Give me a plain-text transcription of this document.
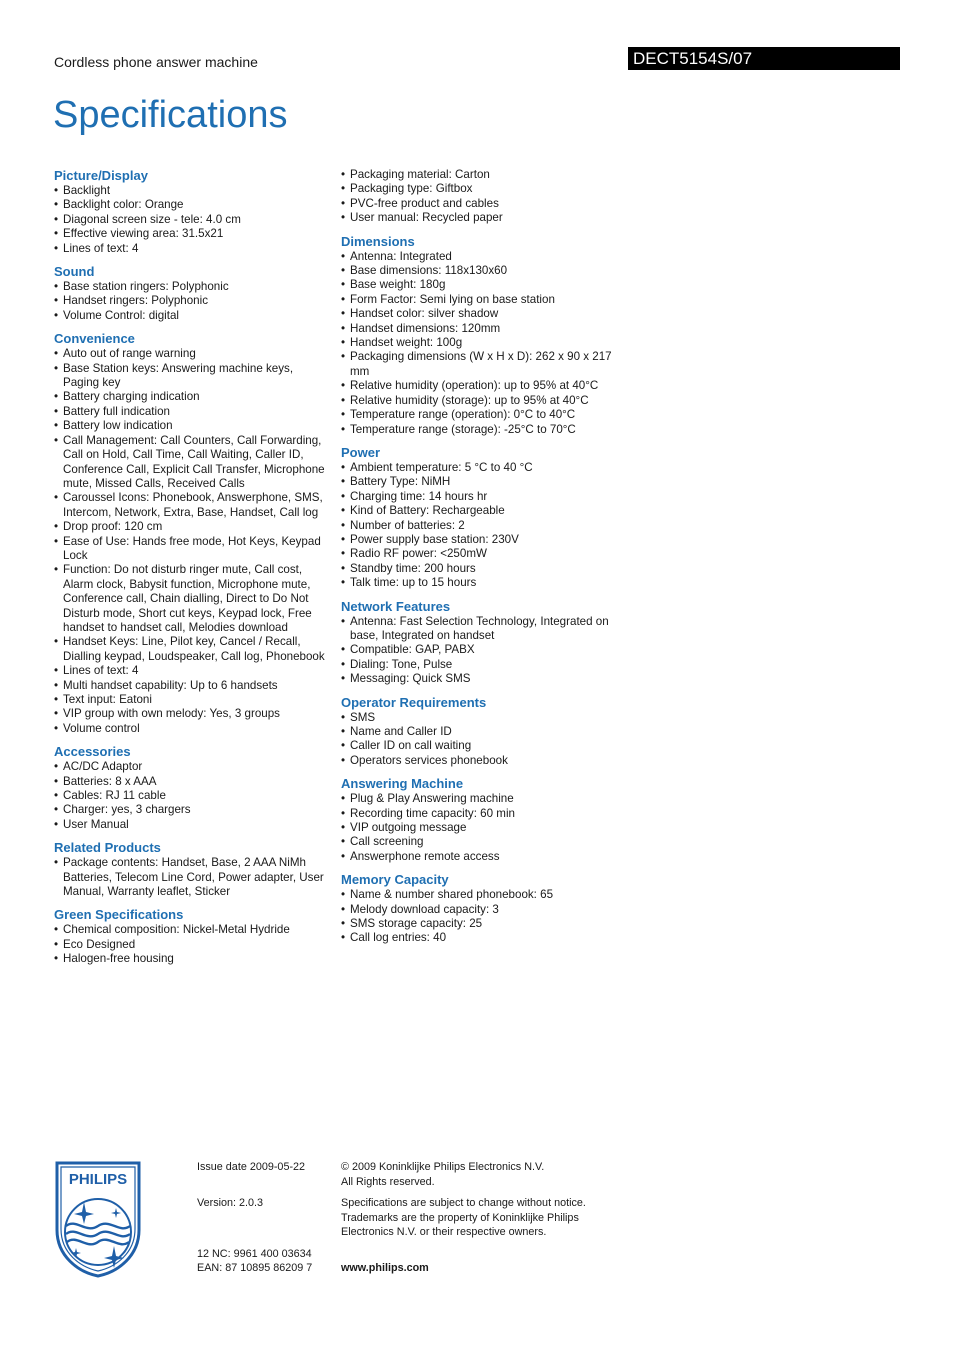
Cordless phone answer machine	DECT5154S/07
Specifications
Picture/Display
• Backlight
• Backlight color: Orange
• Diagonal screen size - tele: 4.0 cm
• Effective viewing area: 31.5x21
• Lines of text: 4
Sound
• Base station ringers: Polyphonic
• Handset ringers: Polyphonic
• Volume Control: digital
Convenience
• Auto out of range warning
• Base Station keys: Answering machine keys, Paging key
• Battery charging indication
• Battery full indication
• Battery low indication
• Call Management: Call Counters, Call Forwarding, Call on Hold, Call Time, Call Waiting, Caller ID, Conference Call, Explicit Call Transfer, Microphone mute, Missed Calls, Received Calls
• Caroussel Icons: Phonebook, Answerphone, SMS, Intercom, Network, Extra, Base, Handset, Call log
• Drop proof: 120 cm
• Ease of Use: Hands free mode, Hot Keys, Keypad Lock
• Function: Do not disturb ringer mute, Call cost, Alarm clock, Babysit function, Microphone mute, Conference call, Chain dialling, Direct to Do Not Disturb mode, Short cut keys, Keypad lock, Free handset to handset call, Melodies download
• Handset Keys: Line, Pilot key, Cancel / Recall, Dialling keypad, Loudspeaker, Call log, Phonebook
• Lines of text: 4
• Multi handset capability: Up to 6 handsets
• Text input: Eatoni
• VIP group with own melody: Yes, 3 groups
• Volume control
Accessories
• AC/DC Adaptor
• Batteries: 8 x AAA
• Cables: RJ 11 cable
• Charger: yes, 3 chargers
• User Manual
Related Products
• Package contents: Handset, Base, 2 AAA NiMh Batteries, Telecom Line Cord, Power adapter, User Manual, Warranty leaflet, Sticker
Green Specifications
• Chemical composition: Nickel-Metal Hydride
• Eco Designed
• Halogen-free housing
• Packaging material: Carton
• Packaging type: Giftbox
• PVC-free product and cables
• User manual: Recycled paper
Dimensions
• Antenna: Integrated
• Base dimensions: 118x130x60
• Base weight: 180g
• Form Factor: Semi lying on base station
• Handset color: silver shadow
• Handset dimensions: 120mm
• Handset weight: 100g
• Packaging dimensions (W x H x D): 262 x 90 x 217 mm
• Relative humidity (operation): up to 95% at 40°C
• Relative humidity (storage): up to 95% at 40°C
• Temperature range (operation): 0°C to 40°C
• Temperature range (storage): -25°C to 70°C
Power
• Ambient temperature: 5 °C to 40 °C
• Battery Type: NiMH
• Charging time: 14 hours hr
• Kind of Battery: Rechargeable
• Number of batteries: 2
• Power supply base station: 230V
• Radio RF power: <250mW
• Standby time: 200 hours
• Talk time: up to 15 hours
Network Features
• Antenna: Fast Selection Technology, Integrated on base, Integrated on handset
• Compatible: GAP, PABX
• Dialing: Tone, Pulse
• Messaging: Quick SMS
Operator Requirements
• SMS
• Name and Caller ID
• Caller ID on call waiting
• Operators services phonebook
Answering Machine
• Plug & Play Answering machine
• Recording time capacity: 60 min
• VIP outgoing message
• Call screening
• Answerphone remote access
Memory Capacity
• Name & number shared phonebook: 65
• Melody download capacity: 3
• SMS storage capacity: 25
• Call log entries: 40
PHILIPS
Issue date 2009-05-22
Version: 2.0.3
12 NC: 9961 400 03634
EAN: 87 10895 86209 7
© 2009 Koninklijke Philips Electronics N.V.
All Rights reserved.
Specifications are subject to change without notice. Trademarks are the property of Koninklijke Philips Electronics N.V. or their respective owners.
www.philips.com
